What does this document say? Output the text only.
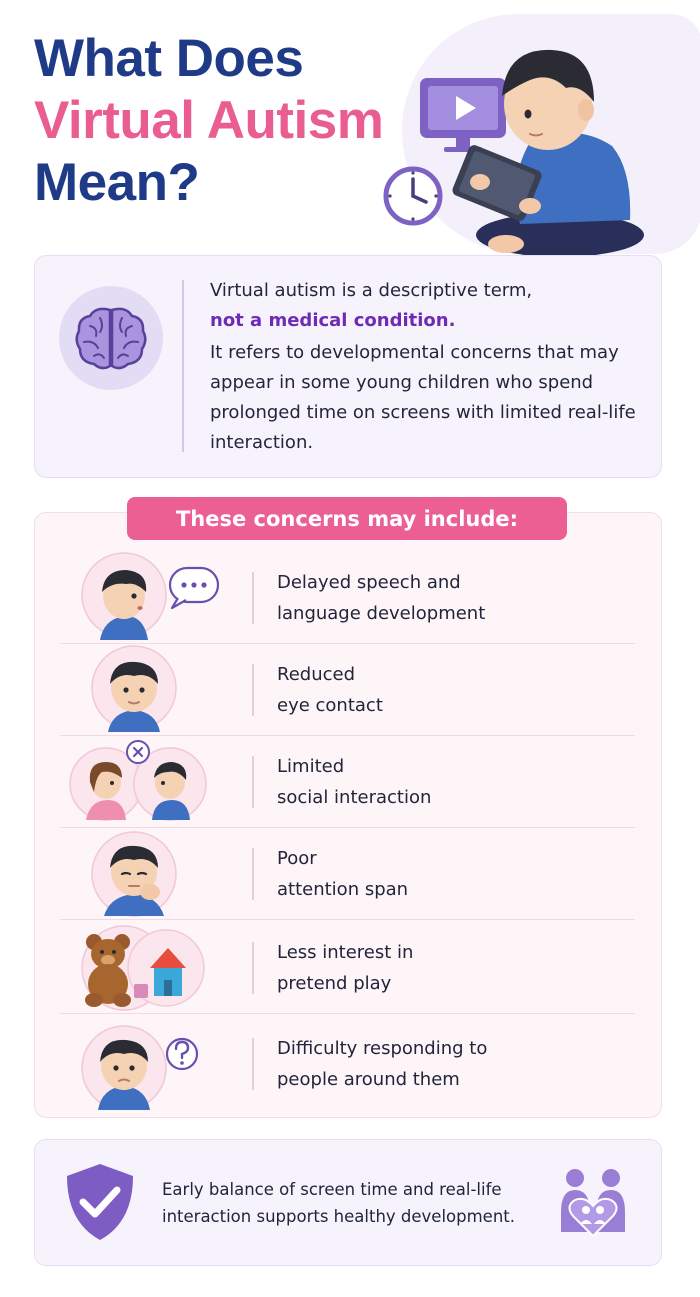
What Does
Virtual Autism
Mean?

Virtual autism is a descriptive term,

not a medical condition.

It refers to developmental concerns that may appear in some young children who spend prolonged time on screens with limited real-life interaction.

These concerns may include:
Delayed speech and
language development
Reduced
eye contact
Limited
social interaction
Poor
attention span
Less interest in
pretend play
Difficulty responding to
people around them
Early balance of screen time and real-life
interaction supports healthy development.
